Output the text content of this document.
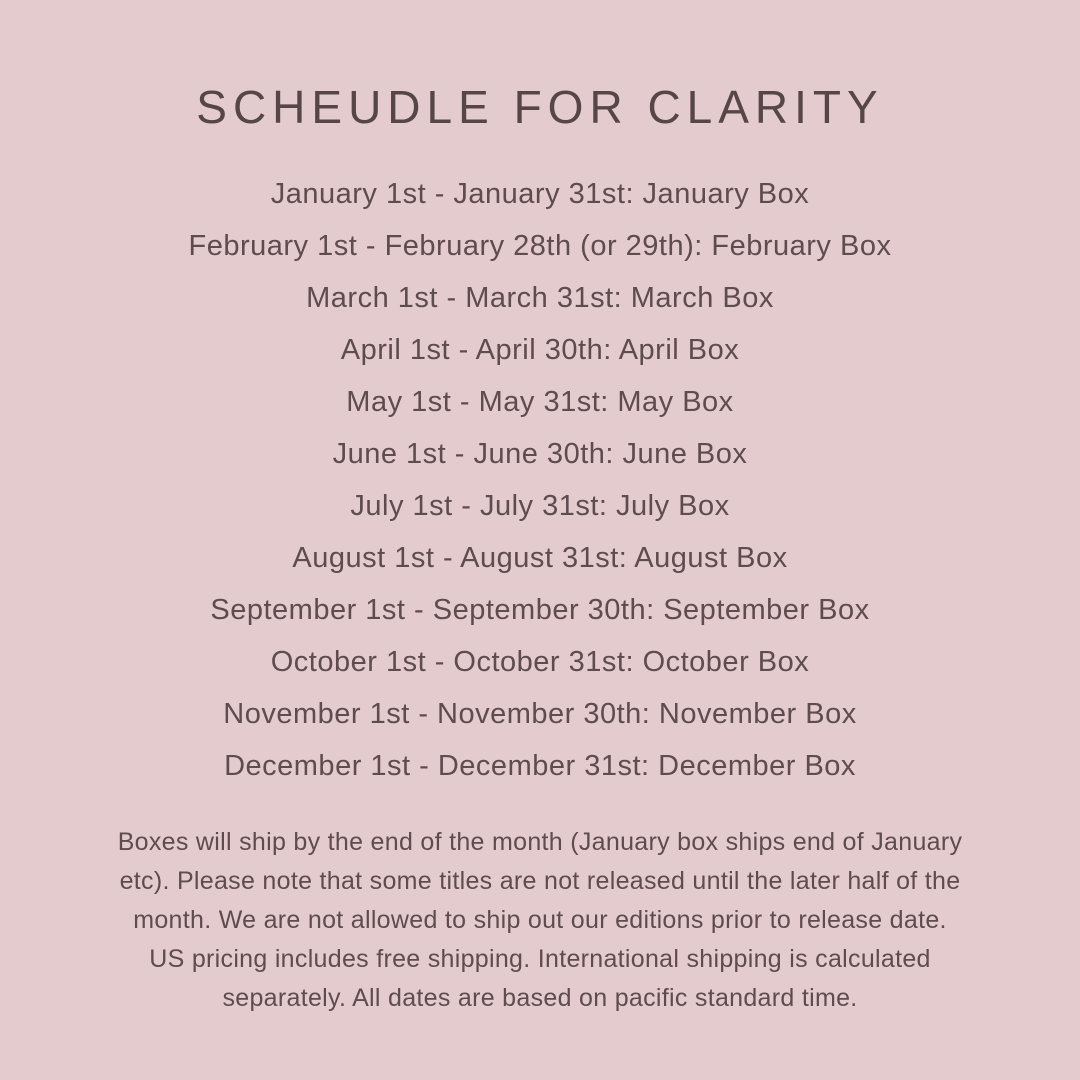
SCHEUDLE FOR CLARITY
January 1st - January 31st: January Box
February 1st - February 28th (or 29th): February Box
March 1st - March 31st: March Box
April 1st - April 30th: April Box
May 1st - May 31st: May Box
June 1st - June 30th: June Box
July 1st - July 31st: July Box
August 1st - August 31st: August Box
September 1st - September 30th: September Box
October 1st - October 31st: October Box
November 1st - November 30th: November Box
December 1st - December 31st: December Box
Boxes will ship by the end of the month (January box ships end of January
etc). Please note that some titles are not released until the later half of the
month. We are not allowed to ship out our editions prior to release date.
US pricing includes free shipping. International shipping is calculated
separately. All dates are based on pacific standard time.
